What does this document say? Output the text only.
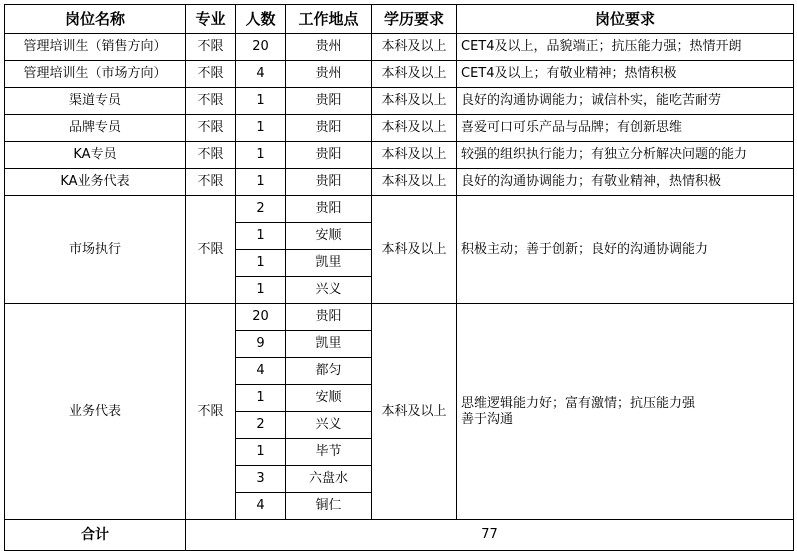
岗位名称	专业	人数	工作地点	学历要求	岗位要求
管理培训生（销售方向）	不限	20	贵州	本科及以上	CET4及以上，品貌端正；抗压能力强；热情开朗
管理培训生（市场方向）	不限	4	贵州	本科及以上	CET4及以上；有敬业精神；热情积极
渠道专员	不限	1	贵阳	本科及以上	良好的沟通协调能力；诚信朴实，能吃苦耐劳
品牌专员	不限	1	贵阳	本科及以上	喜爱可口可乐产品与品牌；有创新思维
KA专员	不限	1	贵阳	本科及以上	较强的组织执行能力；有独立分析解决问题的能力
KA业务代表	不限	1	贵阳	本科及以上	良好的沟通协调能力；有敬业精神，热情积极
市场执行	不限	2	贵阳	本科及以上	积极主动；善于创新；良好的沟通协调能力
		1	安顺		
		1	凯里		
		1	兴义		
业务代表	不限	20	贵阳	本科及以上	思维逻辑能力好；富有激情；抗压能力强
善于沟通

		9	凯里		
		4	都匀		
		1	安顺		
		2	兴义		
		1	毕节		
		3	六盘水		
		4	铜仁		
合计	77				
